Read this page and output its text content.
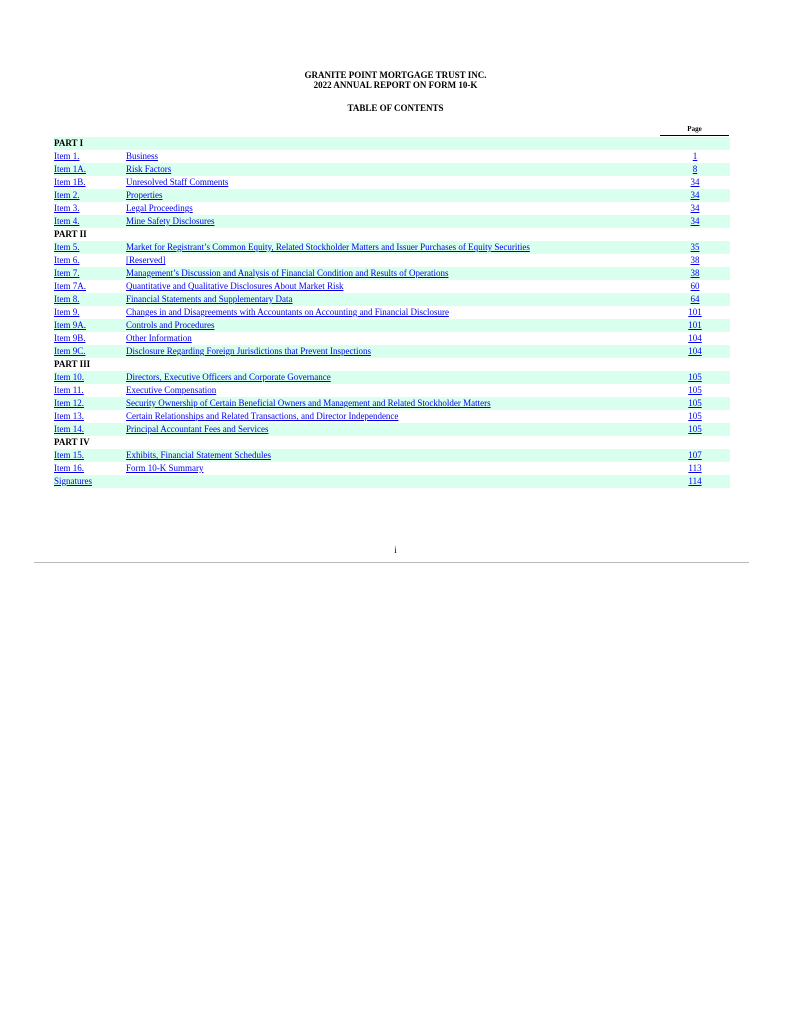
GRANITE POINT MORTGAGE TRUST INC.
2022 ANNUAL REPORT ON FORM 10-K
TABLE OF CONTENTS
Page
PART I		
Item 1.	Business	1
Item 1A.	Risk Factors	8
Item 1B.	Unresolved Staff Comments	34
Item 2.	Properties	34
Item 3.	Legal Proceedings	34
Item 4.	Mine Safety Disclosures	34
PART II		
Item 5.	Market for Registrant’s Common Equity, Related Stockholder Matters and Issuer Purchases of Equity Securities	35
Item 6.	[Reserved]	38
Item 7.	Management’s Discussion and Analysis of Financial Condition and Results of Operations	38
Item 7A.	Quantitative and Qualitative Disclosures About Market Risk	60
Item 8.	Financial Statements and Supplementary Data	64
Item 9.	Changes in and Disagreements with Accountants on Accounting and Financial Disclosure	101
Item 9A.	Controls and Procedures	101
Item 9B.	Other Information	104
Item 9C.	Disclosure Regarding Foreign Jurisdictions that Prevent Inspections	104
PART III		
Item 10.	Directors, Executive Officers and Corporate Governance	105
Item 11.	Executive Compensation	105
Item 12.	Security Ownership of Certain Beneficial Owners and Management and Related Stockholder Matters	105
Item 13.	Certain Relationships and Related Transactions, and Director Independence	105
Item 14.	Principal Accountant Fees and Services	105
PART IV		
Item 15.	Exhibits, Financial Statement Schedules	107
Item 16.	Form 10-K Summary	113
Signatures		114
i
